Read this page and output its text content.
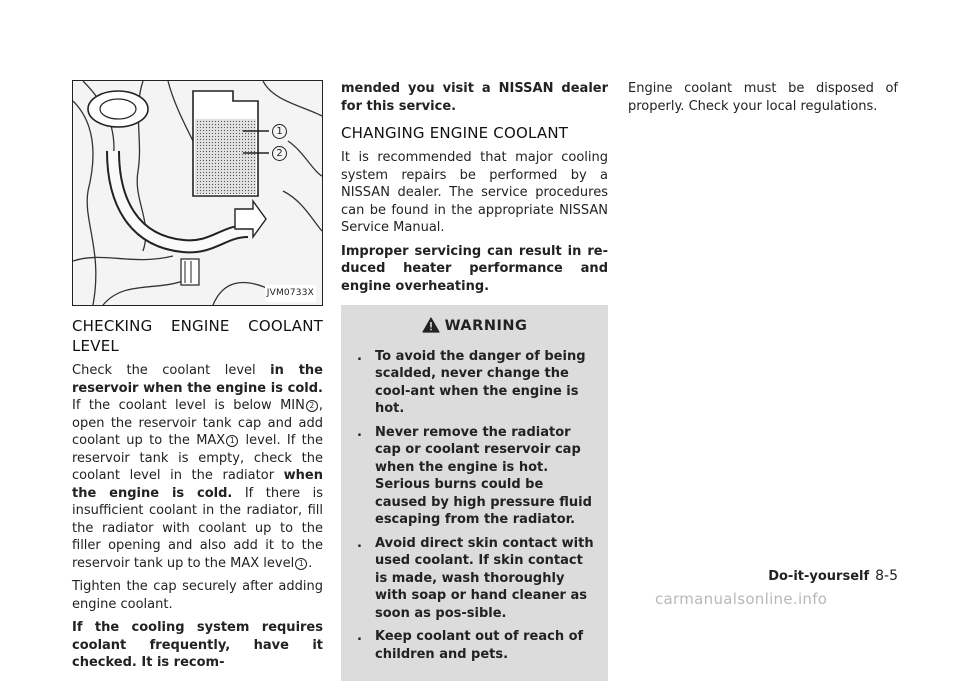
1
2
JVM0733X
CHECKING ENGINE COOLANT LEVEL

Check the coolant level in the reservoir when the engine is cold. If the coolant level is below MIN 2 , open the reservoir tank cap and add coolant up to the MAX 1 level. If the reservoir tank is empty, check the coolant level in the radiator when the engine is cold. If there is insufficient coolant in the radiator, fill the radiator with coolant up to the filler opening and also add it to the reservoir tank up to the MAX level 1 .

Tighten the cap securely after adding engine coolant.

If the cooling system requires coolant frequently, have it checked. It is recom-

mended you visit a NISSAN dealer for this service.

CHANGING ENGINE COOLANT

It is recommended that major cooling system repairs be performed by a NISSAN dealer. The service procedures can be found in the appropriate NISSAN Service Manual.

Improper servicing can result in re-duced heater performance and engine overheating.

WARNING
. To avoid the danger of being scalded, never change the cool-ant when the engine is hot.
. Never remove the radiator cap or coolant reservoir cap when the engine is hot. Serious burns could be caused by high pressure fluid escaping from the radiator.
. Avoid direct skin contact with used coolant. If skin contact is made, wash thoroughly with soap or hand cleaner as soon as pos-sible.
. Keep coolant out of reach of children and pets.

Engine coolant must be disposed of properly. Check your local regulations.

Do-it-yourself 8-5
carmanualsonline.info
